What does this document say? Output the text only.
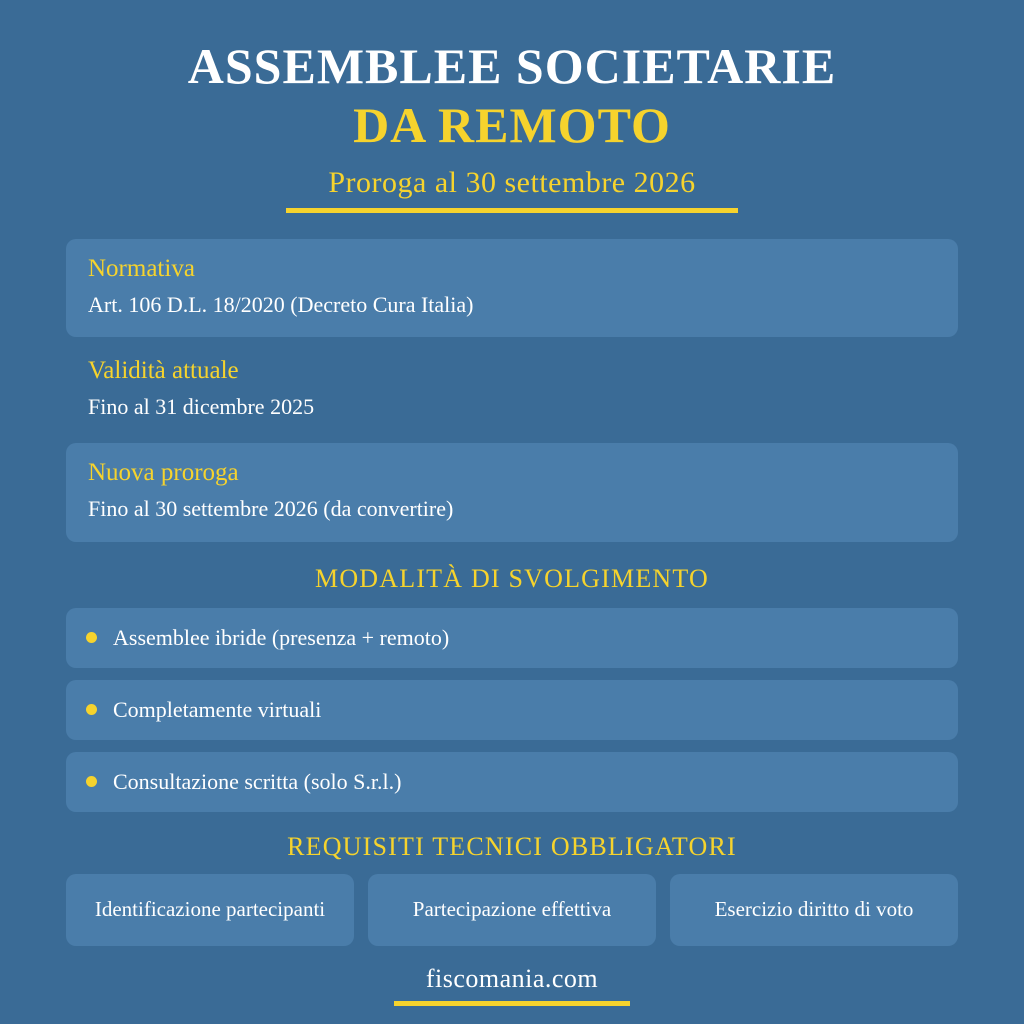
ASSEMBLEE SOCIETARIE
DA REMOTO
Proroga al 30 settembre 2026
Normativa
Art. 106 D.L. 18/2020 (Decreto Cura Italia)
Validità attuale
Fino al 31 dicembre 2025
Nuova proroga
Fino al 30 settembre 2026 (da convertire)
MODALITÀ DI SVOLGIMENTO
Assemblee ibride (presenza + remoto)
Completamente virtuali
Consultazione scritta (solo S.r.l.)
REQUISITI TECNICI OBBLIGATORI
Identificazione partecipanti	Partecipazione effettiva	Esercizio diritto di voto
fiscomania.com
